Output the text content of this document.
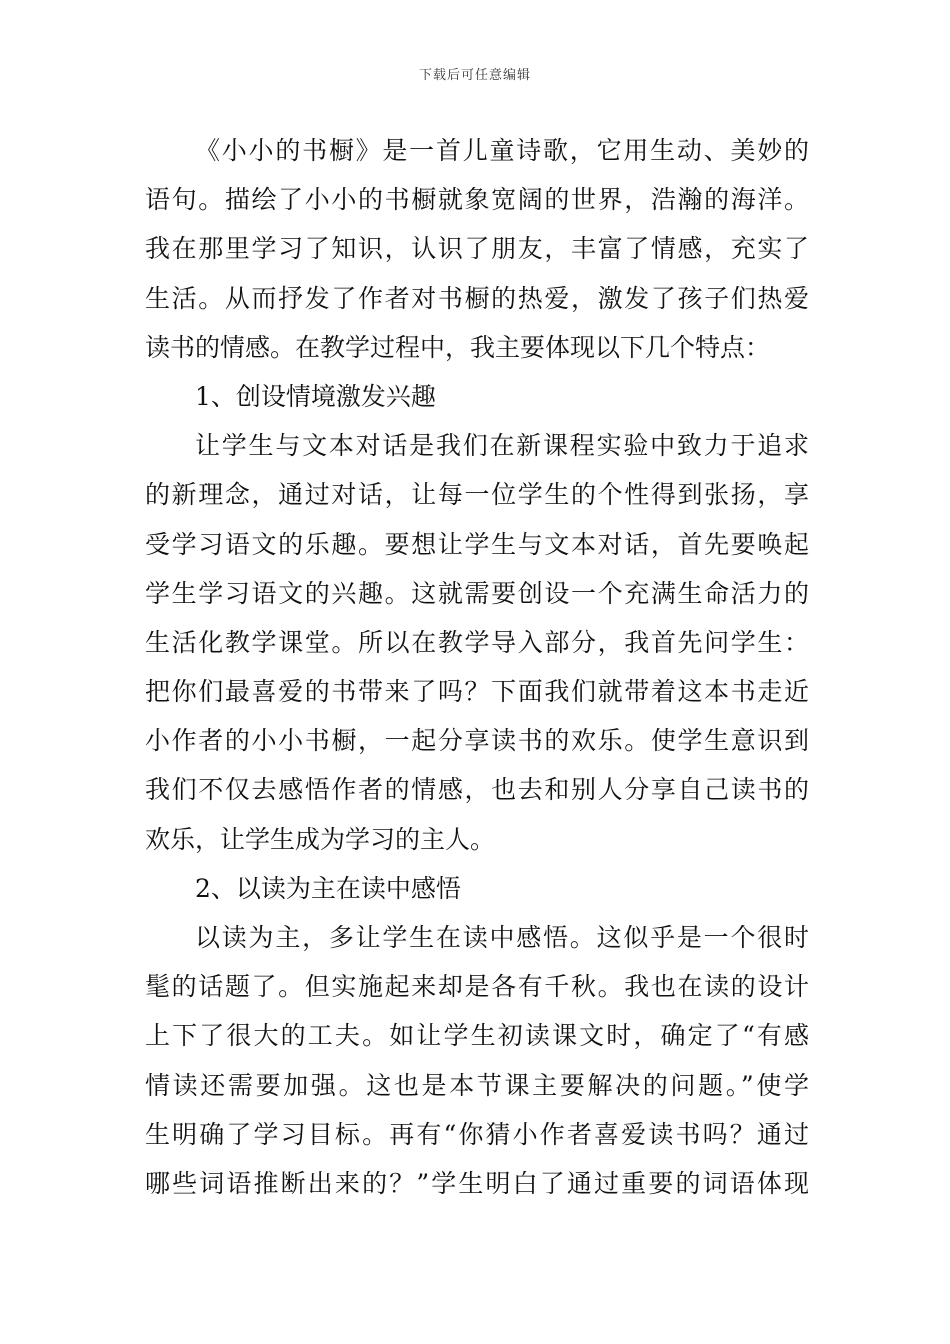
下载后可任意编辑
《小小的书橱》是一首儿童诗歌，它用生动、美妙的
语句。描绘了小小的书橱就象宽阔的世界，浩瀚的海洋。
我在那里学习了知识，认识了朋友，丰富了情感，充实了
生活。从而抒发了作者对书橱的热爱，激发了孩子们热爱
读书的情感。在教学过程中，我主要体现以下几个特点：
1、创设情境激发兴趣
让学生与文本对话是我们在新课程实验中致力于追求
的新理念，通过对话，让每一位学生的个性得到张扬，享
受学习语文的乐趣。要想让学生与文本对话，首先要唤起
学生学习语文的兴趣。这就需要创设一个充满生命活力的
生活化教学课堂。所以在教学导入部分，我首先问学生：
把你们最喜爱的书带来了吗？下面我们就带着这本书走近
小作者的小小书橱，一起分享读书的欢乐。使学生意识到
我们不仅去感悟作者的情感，也去和别人分享自己读书的
欢乐，让学生成为学习的主人。
2、以读为主在读中感悟
以读为主，多让学生在读中感悟。这似乎是一个很时
髦的话题了。但实施起来却是各有千秋。我也在读的设计
上下了很大的工夫。如让学生初读课文时，确定了“有感
情读还需要加强。这也是本节课主要解决的问题。”使学
生明确了学习目标。再有“你猜小作者喜爱读书吗？通过
哪些词语推断出来的？”学生明白了通过重要的词语体现
